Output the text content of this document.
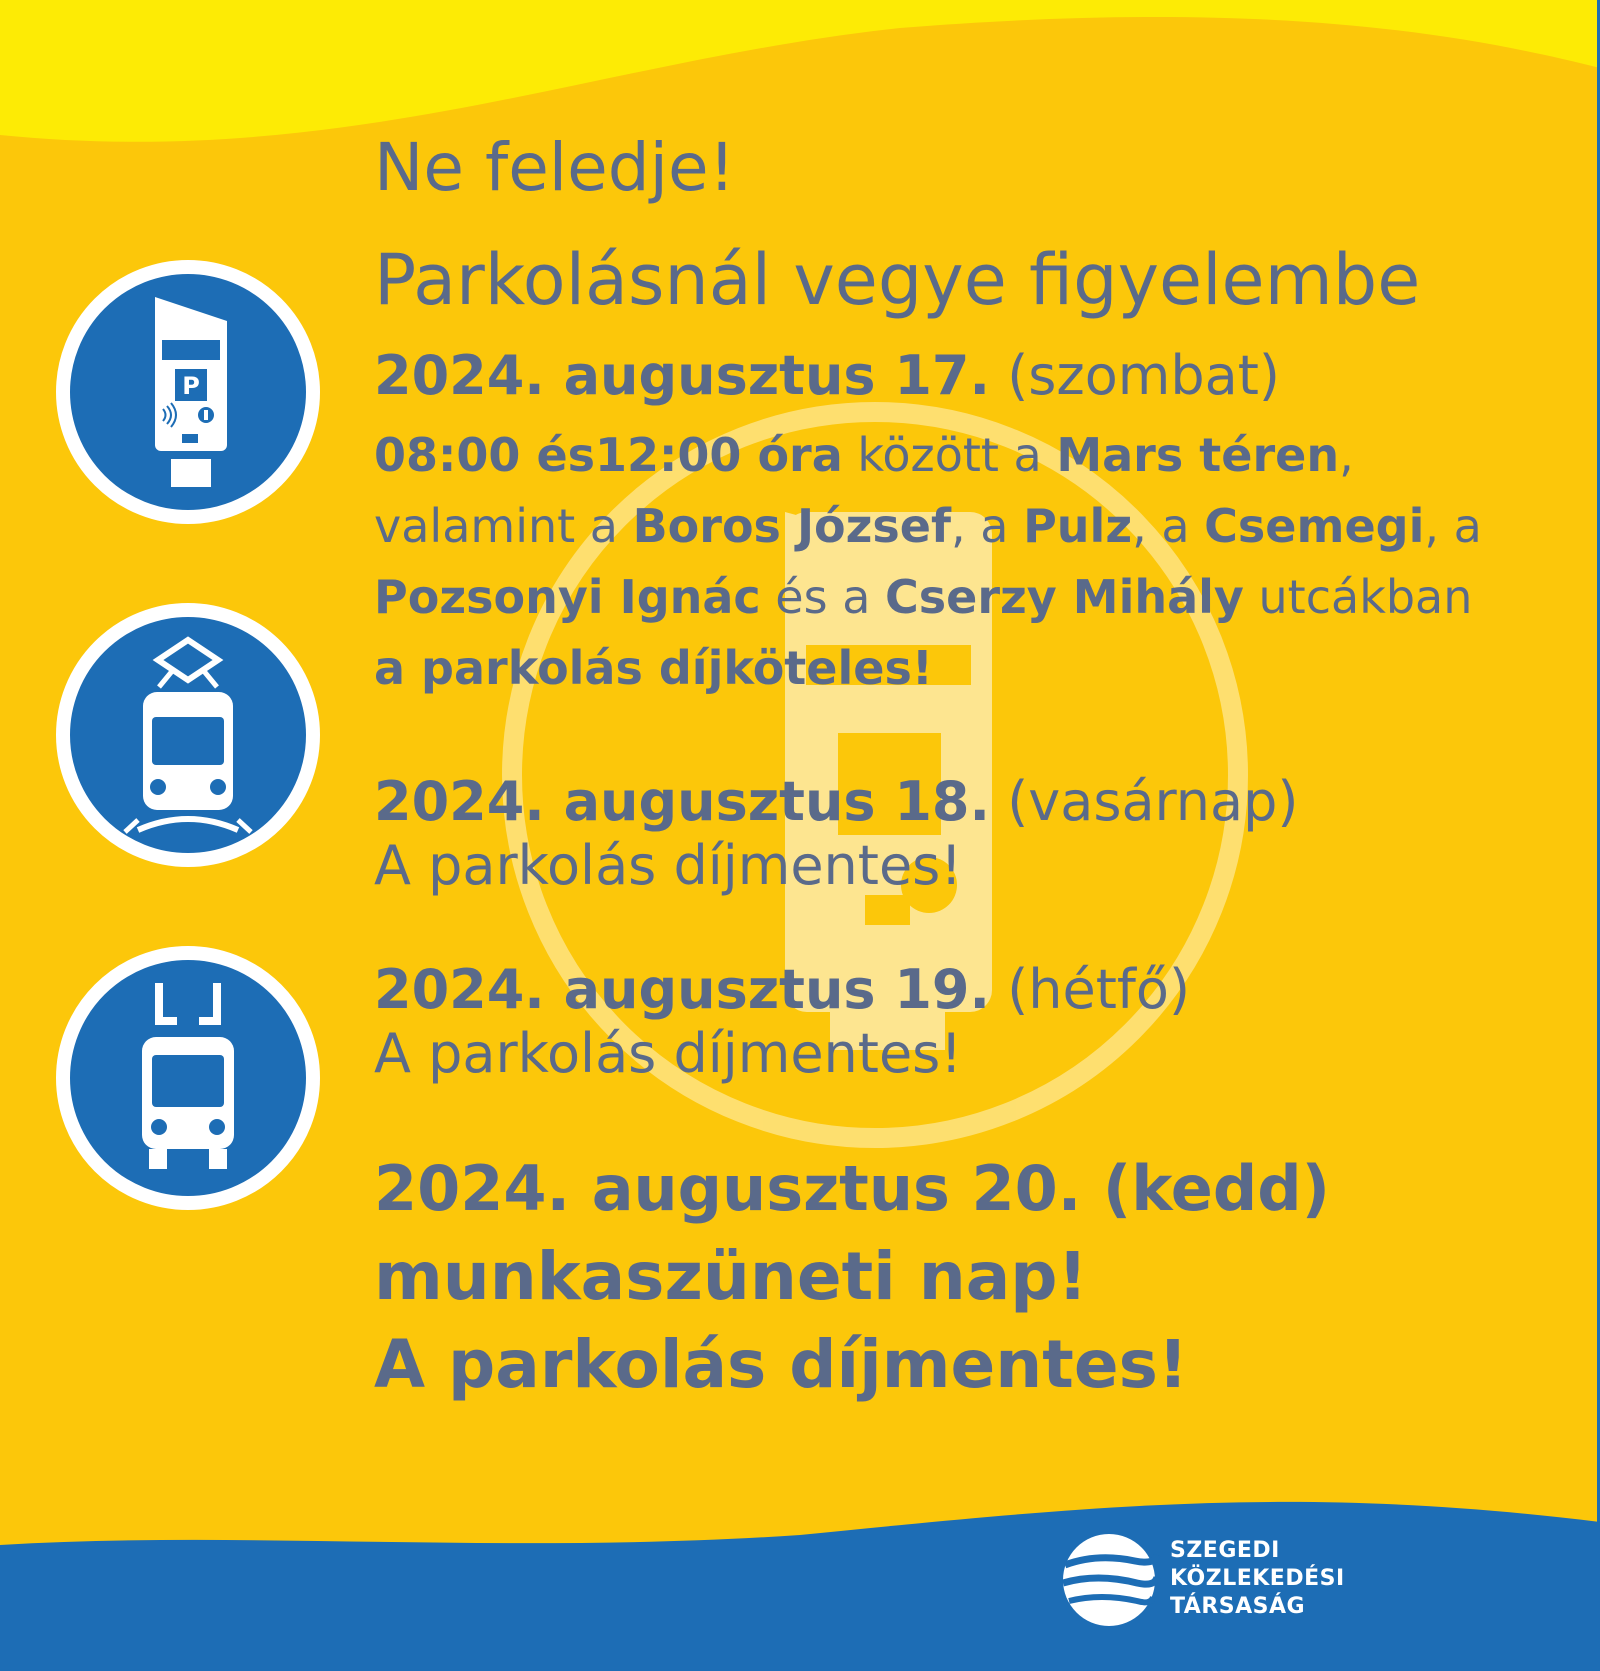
P
Ne feledje!
Parkolásnál vegye figyelembe
2024. augusztus 17. (szombat)
08:00 és12:00 óra között a Mars téren,
valamint a Boros József, a Pulz, a Csemegi, a
Pozsonyi Ignác és a Cserzy Mihály utcákban
a parkolás díjköteles!
2024. augusztus 18. (vasárnap)
A parkolás díjmentes!
2024. augusztus 19. (hétfő)
A parkolás díjmentes!
2024. augusztus 20. (kedd)
munkaszüneti nap!
A parkolás díjmentes!
SZEGEDI
KÖZLEKEDÉSI
TÁRSASÁG
